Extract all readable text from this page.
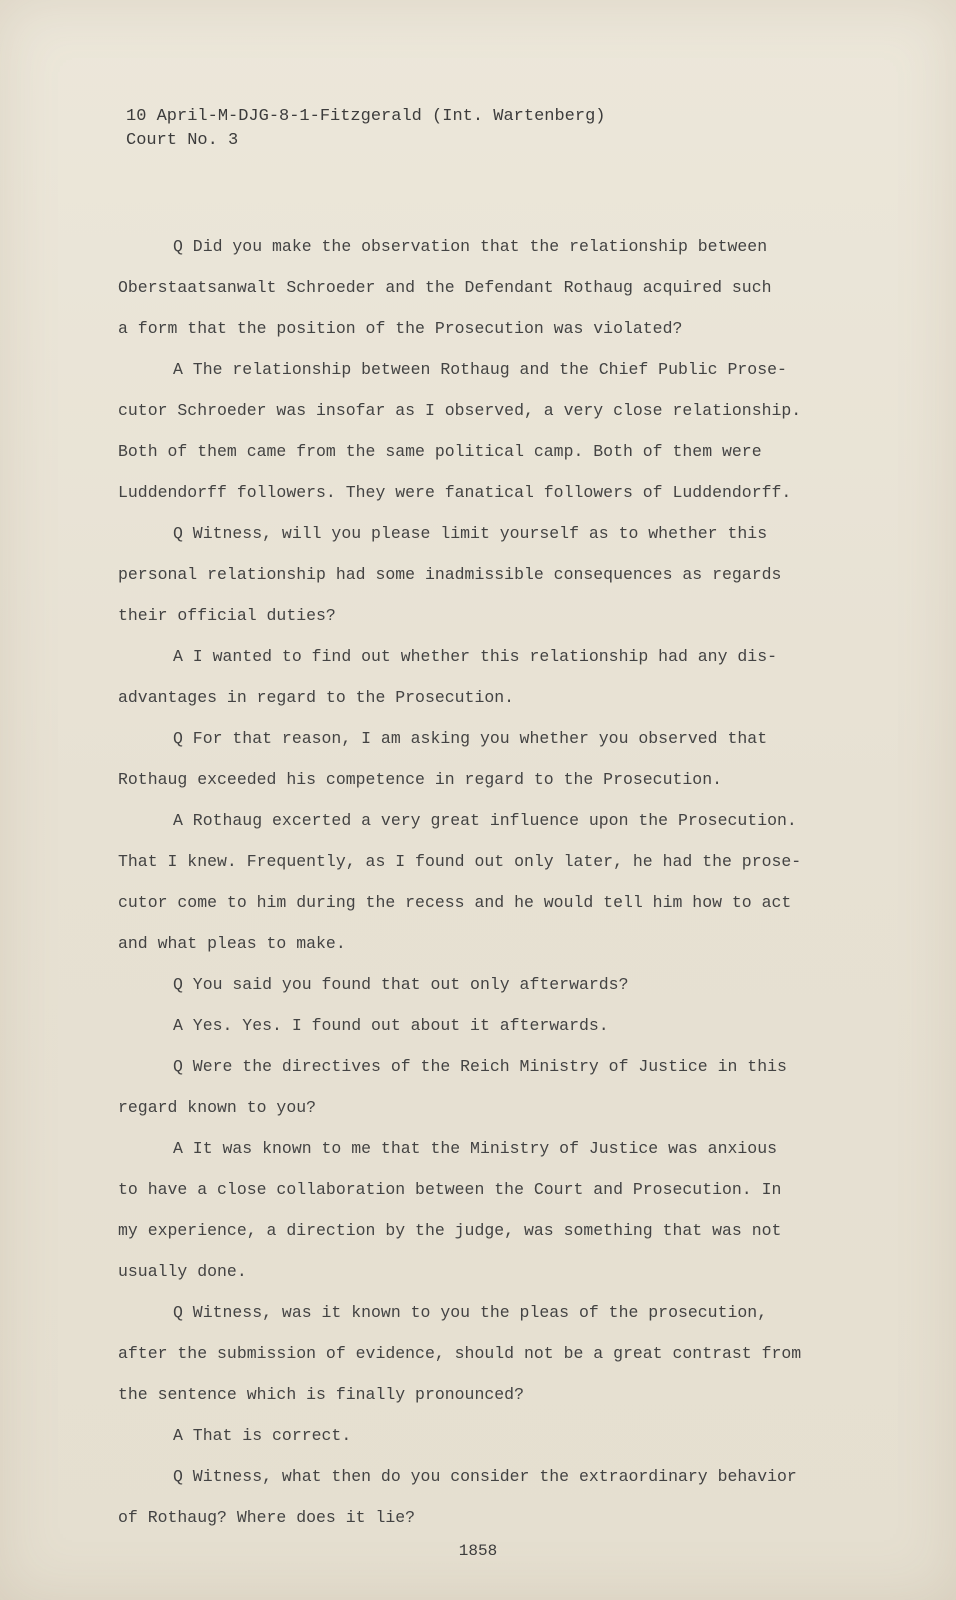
10 April-M-DJG-8-1-Fitzgerald (Int. Wartenberg)
Court No. 3
Q Did you make the observation that the relationship between
Oberstaatsanwalt Schroeder and the Defendant Rothaug acquired such
a form that the position of the Prosecution was violated?
A The relationship between Rothaug and the Chief Public Prose-
cutor Schroeder was insofar as I observed, a very close relationship.
Both of them came from the same political camp. Both of them were
Luddendorff followers. They were fanatical followers of Luddendorff.
Q Witness, will you please limit yourself as to whether this
personal relationship had some inadmissible consequences as regards
their official duties?
A I wanted to find out whether this relationship had any dis-
advantages in regard to the Prosecution.
Q For that reason, I am asking you whether you observed that
Rothaug exceeded his competence in regard to the Prosecution.
A Rothaug excerted a very great influence upon the Prosecution.
That I knew. Frequently, as I found out only later, he had the prose-
cutor come to him during the recess and he would tell him how to act
and what pleas to make.
Q You said you found that out only afterwards?
A Yes. Yes. I found out about it afterwards.
Q Were the directives of the Reich Ministry of Justice in this
regard known to you?
A It was known to me that the Ministry of Justice was anxious
to have a close collaboration between the Court and Prosecution. In
my experience, a direction by the judge, was something that was not
usually done.
Q Witness, was it known to you the pleas of the prosecution,
after the submission of evidence, should not be a great contrast from
the sentence which is finally pronounced?
A That is correct.
Q Witness, what then do you consider the extraordinary behavior
of Rothaug? Where does it lie?
1858
